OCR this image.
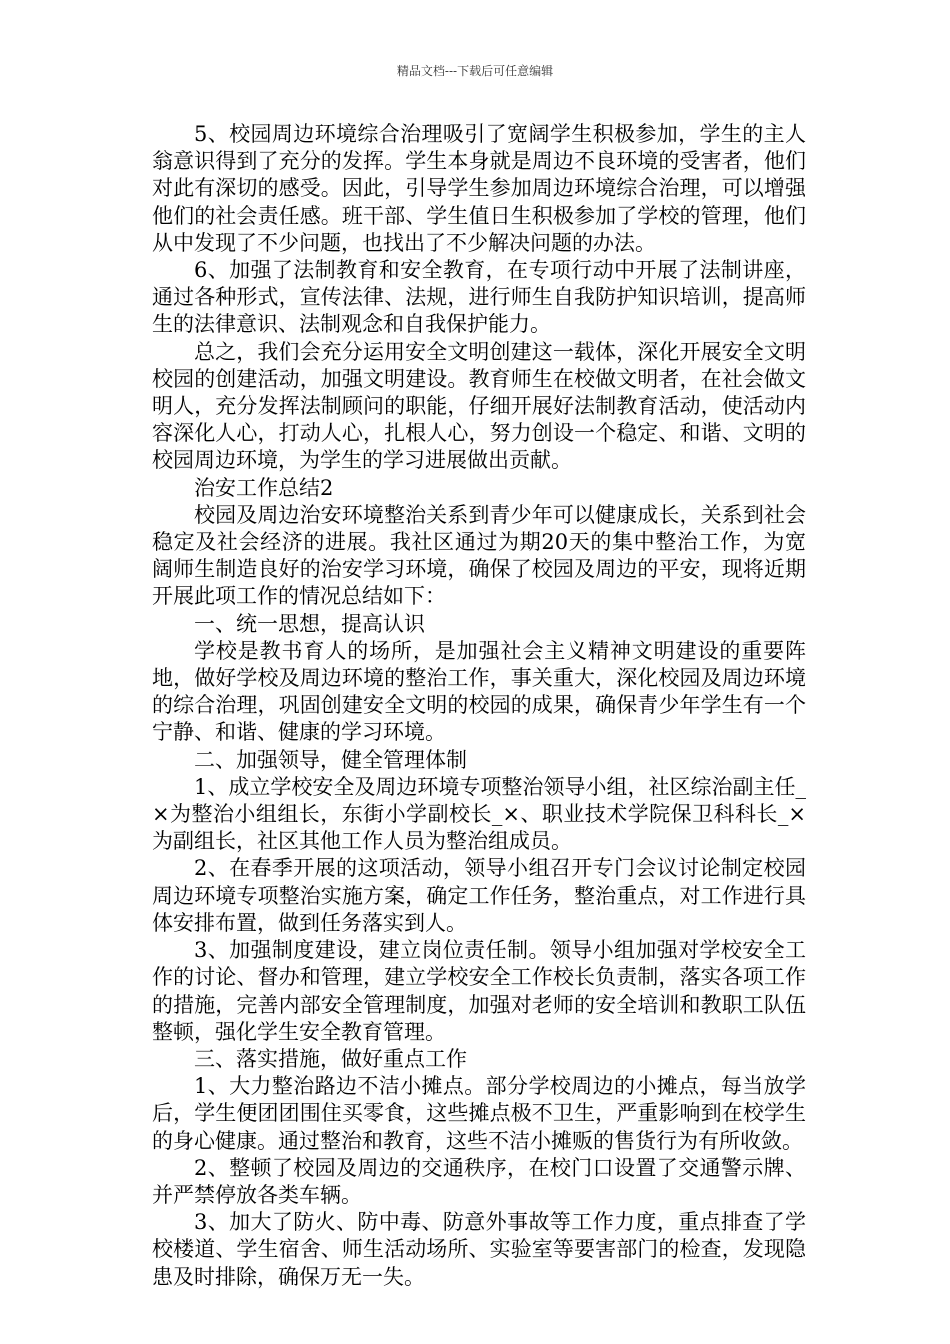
精品文档---下载后可任意编辑

5、校园周边环境综合治理吸引了宽阔学生积极参加，学生的主人翁意识得到了充分的发挥。学生本身就是周边不良环境的受害者，他们对此有深切的感受。因此，引导学生参加周边环境综合治理，可以增强他们的社会责任感。班干部、学生值日生积极参加了学校的管理，他们从中发现了不少问题，也找出了不少解决问题的办法。

6、加强了法制教育和安全教育，在专项行动中开展了法制讲座，通过各种形式，宣传法律、法规，进行师生自我防护知识培训，提高师生的法律意识、法制观念和自我保护能力。

总之，我们会充分运用安全文明创建这一载体，深化开展安全文明校园的创建活动，加强文明建设。教育师生在校做文明者，在社会做文明人，充分发挥法制顾问的职能，仔细开展好法制教育活动，使活动内容深化人心，打动人心，扎根人心，努力创设一个稳定、和谐、文明的校园周边环境，为学生的学习进展做出贡献。

治安工作总结2

校园及周边治安环境整治关系到青少年可以健康成长，关系到社会稳定及社会经济的进展。我社区通过为期20天的集中整治工作，为宽阔师生制造良好的治安学习环境，确保了校园及周边的平安，现将近期开展此项工作的情况总结如下：

一、统一思想，提高认识

学校是教书育人的场所，是加强社会主义精神文明建设的重要阵地，做好学校及周边环境的整治工作，事关重大，深化校园及周边环境的综合治理，巩固创建安全文明的校园的成果，确保青少年学生有一个宁静、和谐、健康的学习环境。

二、加强领导，健全管理体制

1、成立学校安全及周边环境专项整治领导小组，社区综治副主任_×为整治小组组长，东街小学副校长_×、职业技术学院保卫科科长_×为副组长，社区其他工作人员为整治组成员。

2、在春季开展的这项活动，领导小组召开专门会议讨论制定校园周边环境专项整治实施方案，确定工作任务，整治重点，对工作进行具体安排布置，做到任务落实到人。

3、加强制度建设，建立岗位责任制。领导小组加强对学校安全工作的讨论、督办和管理，建立学校安全工作校长负责制，落实各项工作的措施，完善内部安全管理制度，加强对老师的安全培训和教职工队伍整顿，强化学生安全教育管理。

三、落实措施，做好重点工作

1、大力整治路边不洁小摊点。部分学校周边的小摊点，每当放学后，学生便团团围住买零食，这些摊点极不卫生，严重影响到在校学生的身心健康。通过整治和教育，这些不洁小摊贩的售货行为有所收敛。

2、整顿了校园及周边的交通秩序，在校门口设置了交通警示牌、并严禁停放各类车辆。

3、加大了防火、防中毒、防意外事故等工作力度，重点排查了学校楼道、学生宿舍、师生活动场所、实验室等要害部门的检查，发现隐患及时排除，确保万无一失。
